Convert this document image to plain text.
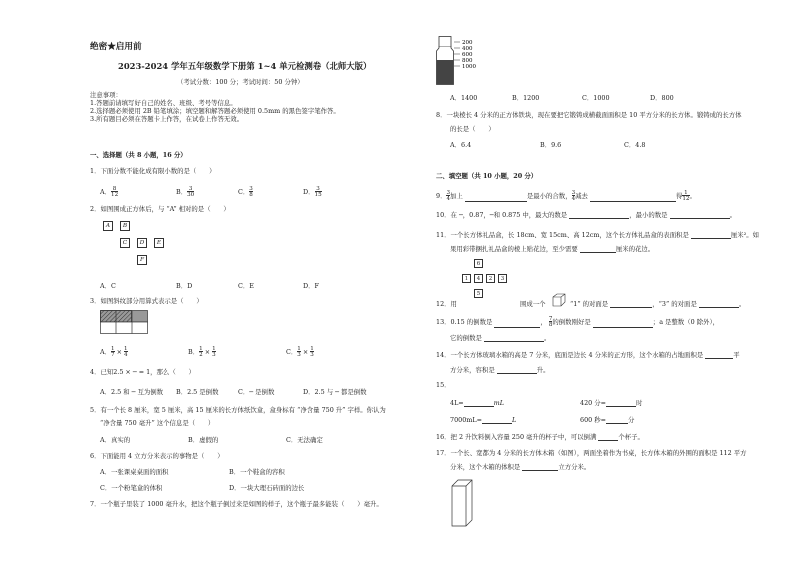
绝密★启用前
2023-2024 学年五年级数学下册第 1~4 单元检测卷（北师大版）
（考试分数：100 分；考试时间：50 分钟）
注意事项：
1.答题前请填写好自己的姓名、班级、考号等信息。
2.选择题必须使用 2B 铅笔填涂；填空题和解答题必须使用 0.5mm 的黑色签字笔作答。
3.所有题目必须在答题卡上作答，在试卷上作答无效。
一、选择题（共 8 小题，16 分）
1．下面分数不能化成有限小数的是（　　）
A．$\frac{8}{12}$	B．$\frac{3}{30}$	C．$\frac{3}{8}$	D．$\frac{3}{15}$
2．如图围成正方体后，与 “A” 相对的是（　　）
A	B
C	D	E
F
A．C	B．D	C．E	D．F
3．如图斜纹部分用算式表示是（　　）
A．$\frac{1}{7} \times \frac{1}{4}$	B．$\frac{1}{2} \times \frac{1}{3}$	C．$\frac{1}{3} \times \frac{1}{3}$
4．已知2.5 × ─ = 1，那么（　　）
A．2.5 和 ─ 互为倒数 B．2.5 是倒数	C．─ 是倒数	D．2.5 与 ─ 都是倒数
5．有一个长 8 厘米，宽 5 厘米，高 15 厘米的长方体纸饮盒，盒身标有 “净含量 750 升” 字样。你认为
“净含量 750 毫升” 这个信息是（　　）
A．真实的	B．虚假的	C．无法确定
6．下面能用 4 立方分米表示的事物是（　　）
A．一张课桌桌面的面积	B．一个鞋盒的容积
C．一个粉笔盒的体积	D．一块大理石砖面的边长
7．一个瓶子里装了 1000 毫升水，把这个瓶子倒过来是如图的样子，这个瓶子最多能装（　　）毫升。
200
400
600
800
1000
A．1400	B．1200	C．1000	D．800
8．一块棱长 4 分米的正方体铁块，现在要把它锻铸成横截面面积是 10 平方分米的长方体。锻铸成的长方体
的长是（　　）
A．6.4	B．9.6	C．4.8
二、填空题（共 10 小题，20 分）
9．3
4加上	是最小的合数，3
4减去	得 1
12。
10．在 ─，0.87，─和 0.875 中，最大的数是	，最小的数是	。
11．一个长方体礼品盒，长 18cm、宽 15cm、高 12cm，这个长方体礼品盒的表面积是	厘米²。如
果用彩带捆扎礼品盒的棱上贴花边，至少需要	厘米的花边。
6
1	4	2	3
5
12．用	围成一个	“1” 的对面是	，“3” 的对面是	。
13．0.15 的倒数是	， 7
8的倒数刚好是	；a 是整数（0 除外），
它的倒数是	。
14．一个长方体玻璃水箱的高是 7 分米，底面是边长 4 分米的正方形，这个水箱的占地面积是	平
方分米，容积是	升。
15．
4L=	mL	420 分=	时
7000mL=	L	600 秒=	分
16．把 2 升饮料倒入容量 250 毫升的杯子中，可以倒满	个杯子。
17．一个长、宽都为 4 分米的长方体木箱（如图），两面坐着作为书桌，长方体木箱的外围的面积是 112 平方
分米，这个木箱的体积是	立方分米。
